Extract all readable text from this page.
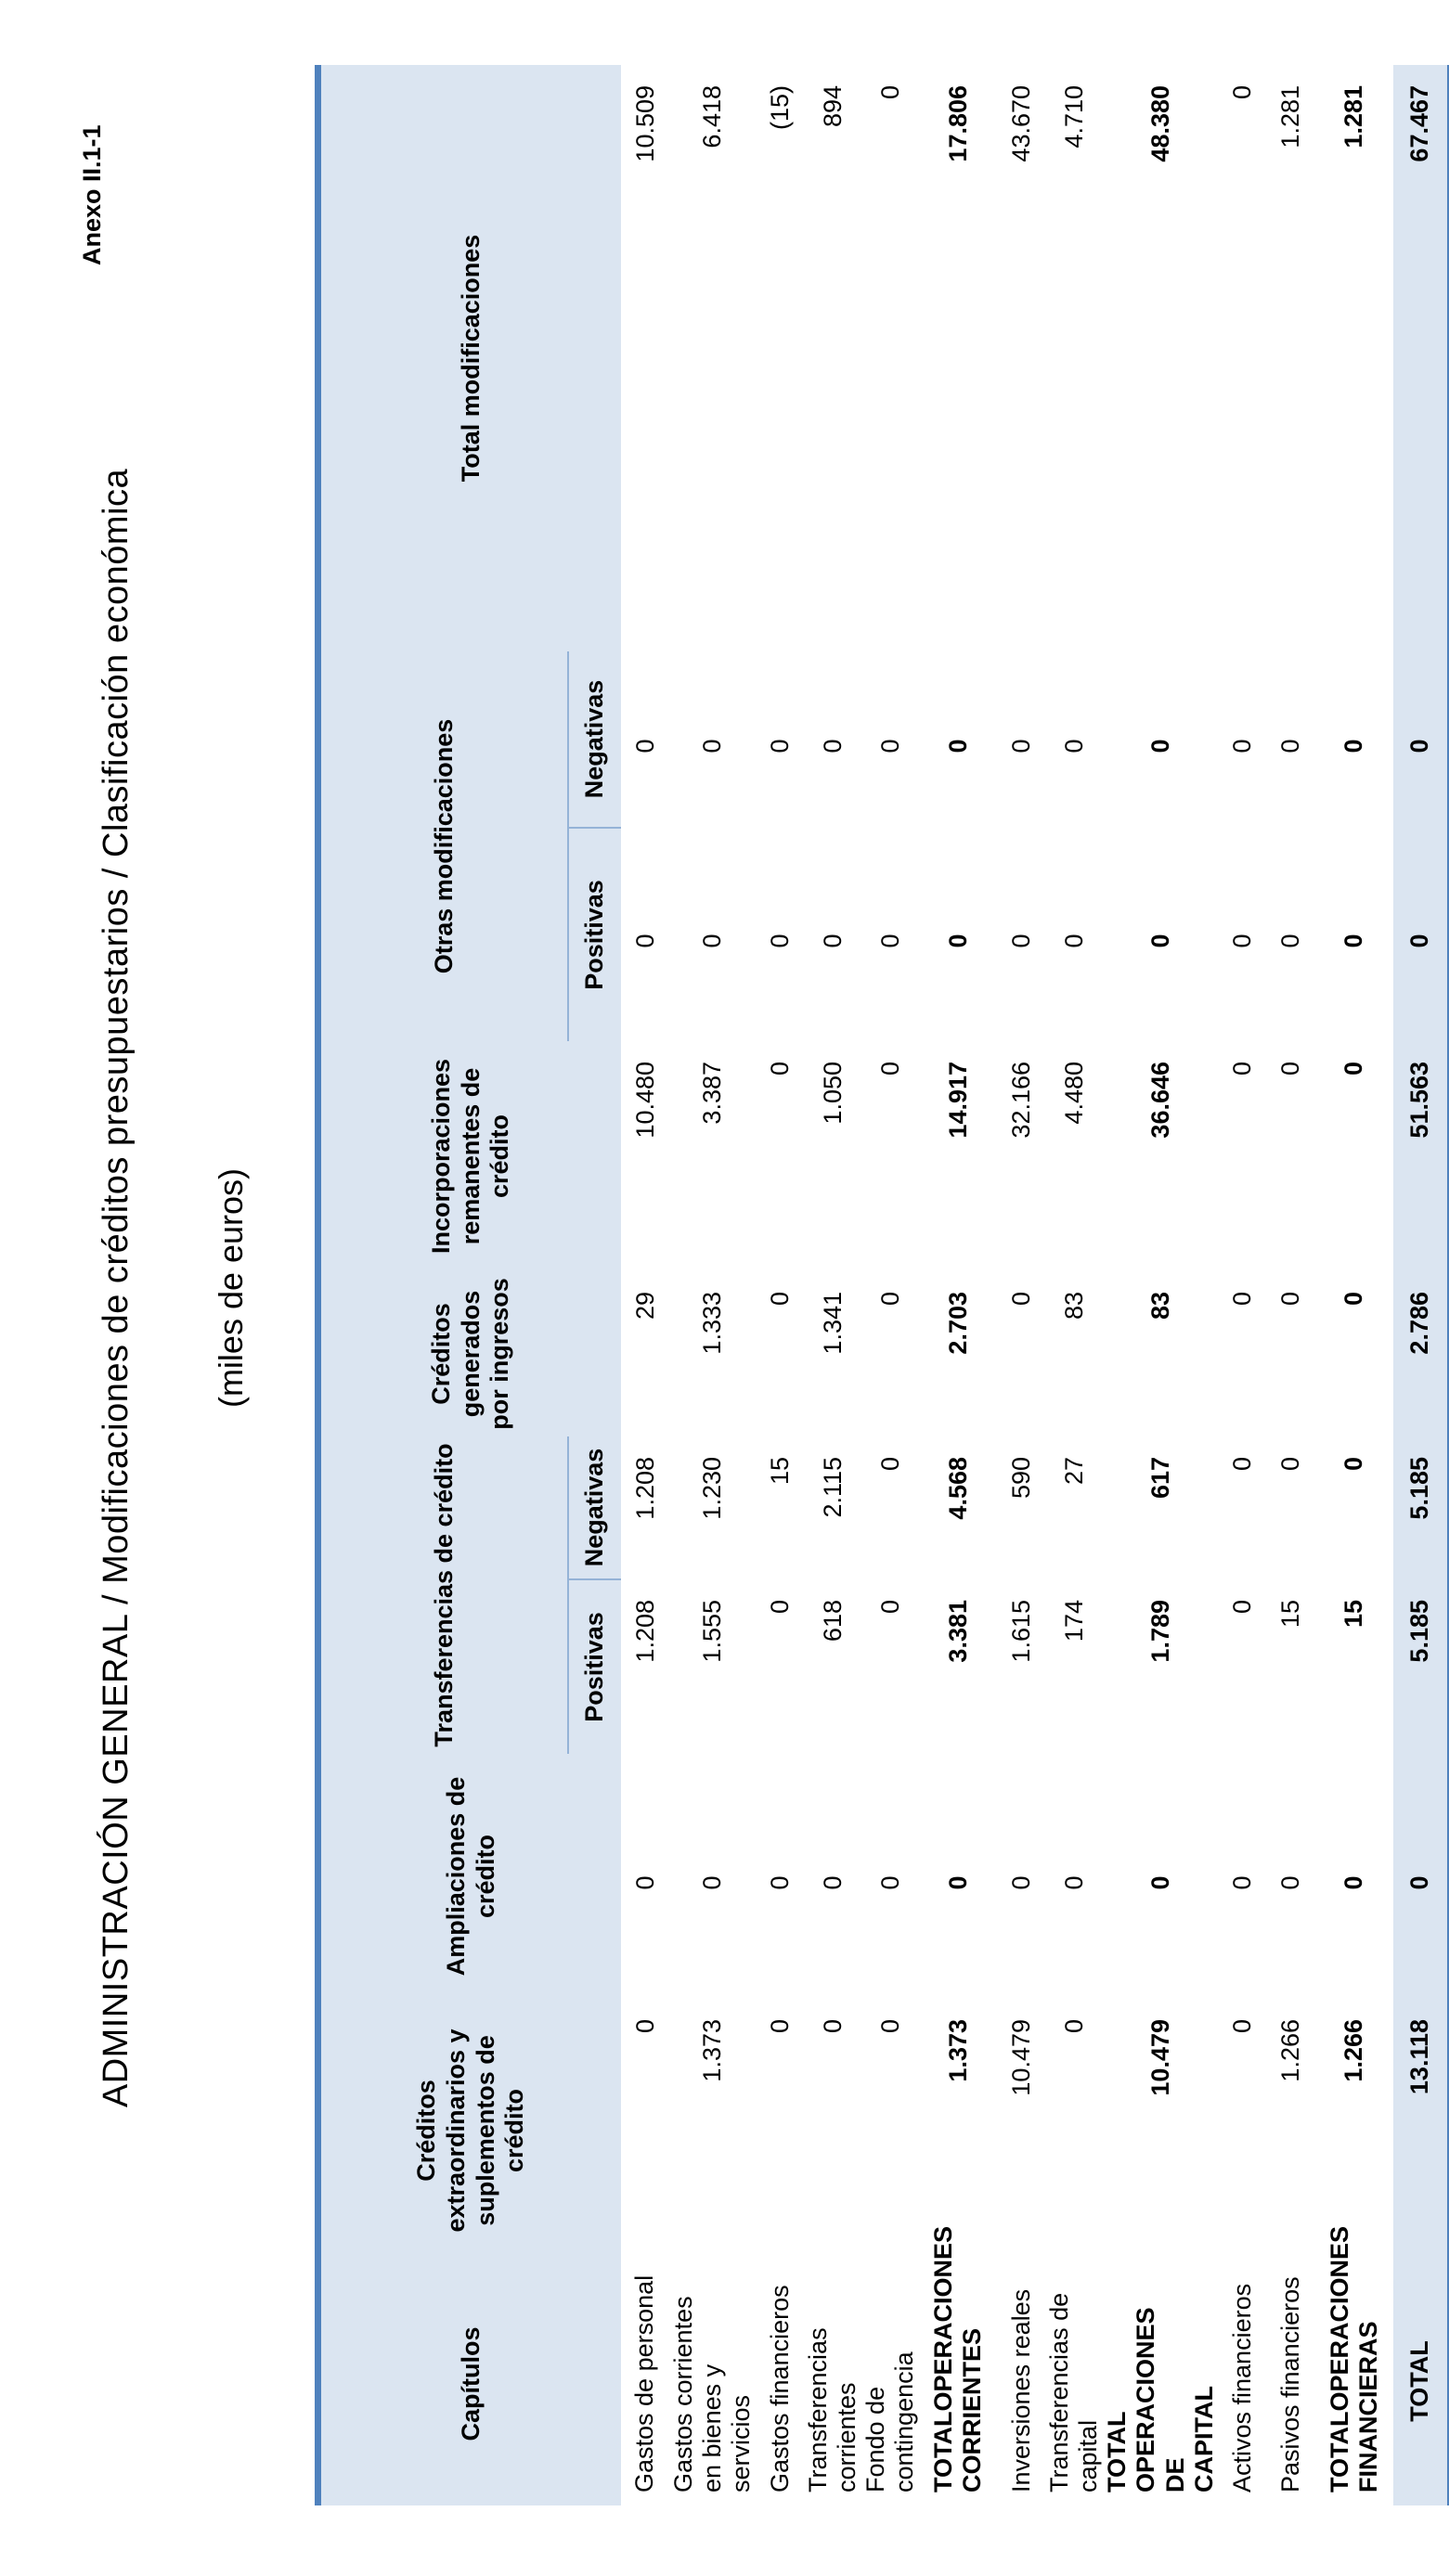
Anexo II.1-1
ADMINISTRACIÓN GENERAL / Modificaciones de créditos presupuestarios / Clasificación económica (miles de euros)
Capítulos	Créditos extraordinarios y suplementos de crédito	Ampliaciones de crédito	Transferencias de crédito		Créditos generados por ingresos	Incorporaciones remanentes de crédito	Otras modificaciones		Total modificaciones
			Positivas	Negativas			Positivas	Negativas	
Gastos de personal	0	0	1.208	1.208	29	10.480	0	0	10.509
Gastos corrientes en bienes y servicios	1.373	0	1.555	1.230	1.333	3.387	0	0	6.418
Gastos financieros	0	0	0	15	0	0	0	0	(15)
Transferencias corrientes	0	0	618	2.115	1.341	1.050	0	0	894
Fondo de contingencia	0	0	0	0	0	0	0	0	0

TOTAL
OPERACIONES CORRIENTES	1.373	0	3.381	4.568	2.703	14.917	0	0	17.806
Inversiones reales	10.479	0	1.615	590	0	32.166	0	0	43.670
Transferencias de capital	0	0	174	27	83	4.480	0	0	4.710

TOTAL OPERACIONES DE CAPITAL	10.479	0	1.789	617	83	36.646	0	0	48.380
Activos financieros	0	0	0	0	0	0	0	0	0
Pasivos financieros	1.266	0	15	0	0	0	0	0	1.281

TOTAL
OPERACIONES FINANCIERAS	1.266	0	15	0	0	0	0	0	1.281
TOTAL	13.118	0	5.185	5.185	2.786	51.563	0	0	67.467
